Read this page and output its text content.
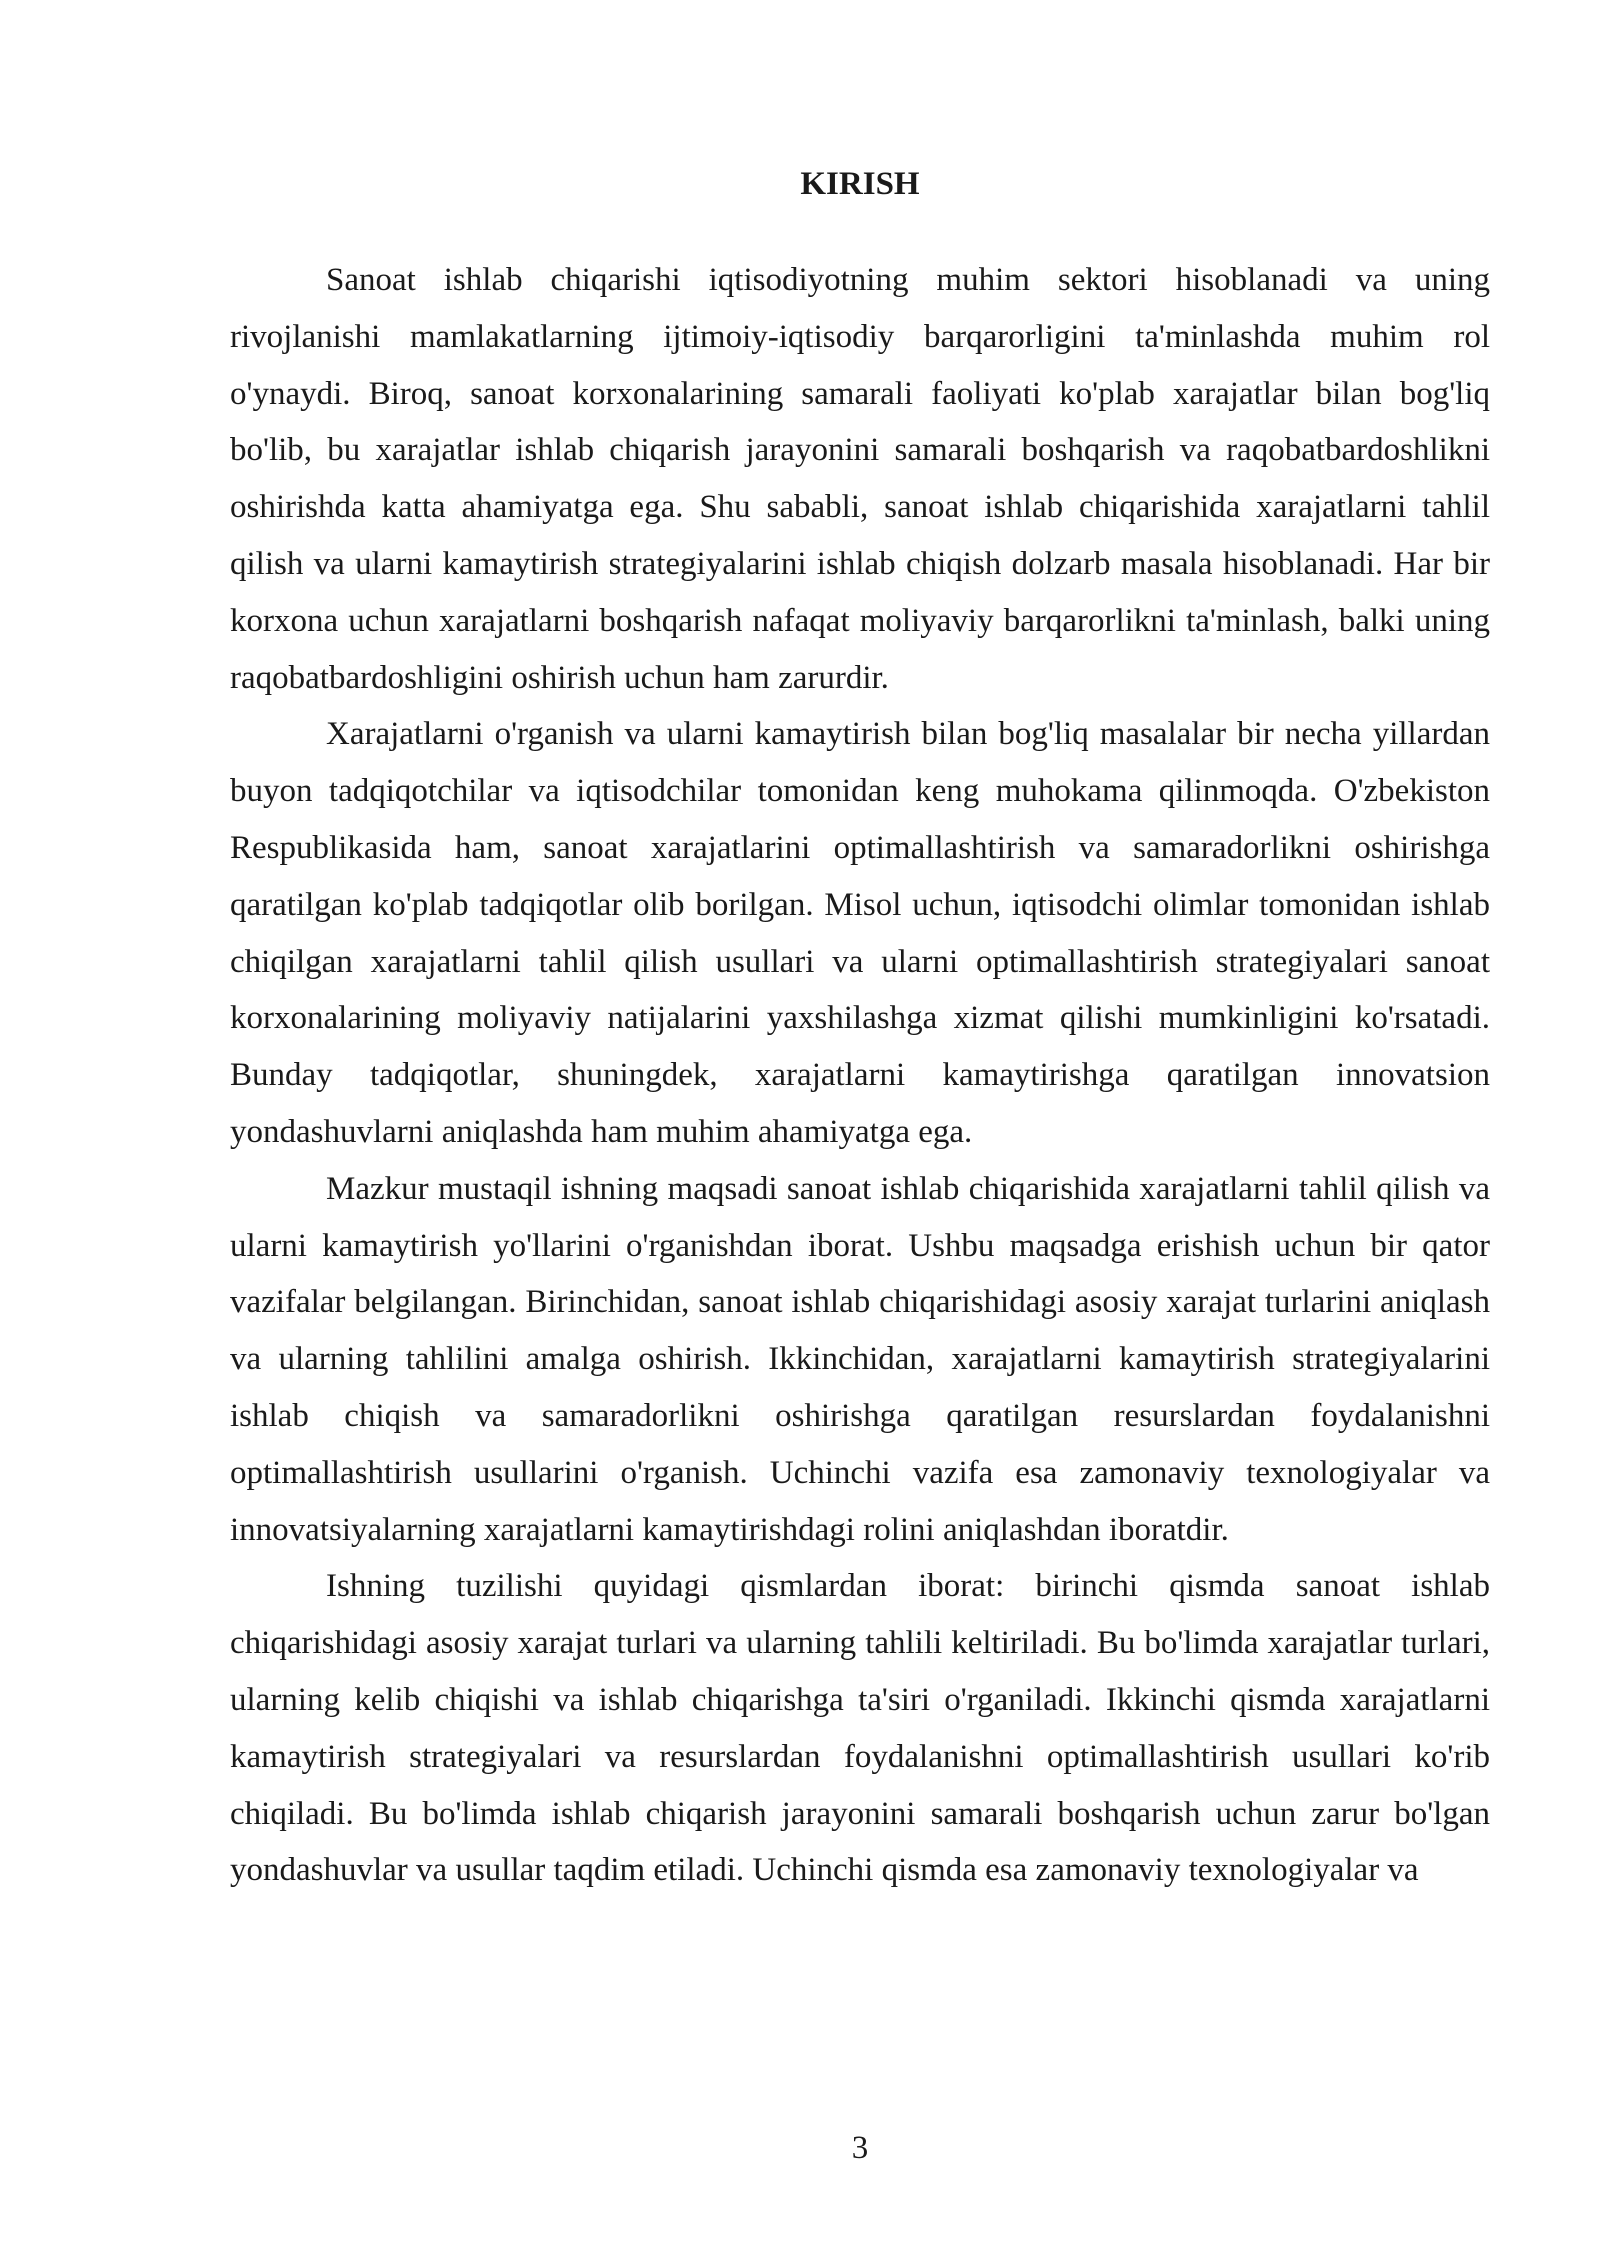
KIRISH

Sanoat ishlab chiqarishi iqtisodiyotning muhim sektori hisoblanadi va uning rivojlanishi mamlakatlarning ijtimoiy-iqtisodiy barqarorligini ta'minlashda muhim rol o'ynaydi. Biroq, sanoat korxonalarining samarali faoliyati ko'plab xarajatlar bilan bog'liq bo'lib, bu xarajatlar ishlab chiqarish jarayonini samarali boshqarish va raqobatbardoshlikni oshirishda katta ahamiyatga ega. Shu sababli, sanoat ishlab chiqarishida xarajatlarni tahlil qilish va ularni kamaytirish strategiyalarini ishlab chiqish dolzarb masala hisoblanadi. Har bir korxona uchun xarajatlarni boshqarish nafaqat moliyaviy barqarorlikni ta'minlash, balki uning raqobatbardoshligini oshirish uchun ham zarurdir.

Xarajatlarni o'rganish va ularni kamaytirish bilan bog'liq masalalar bir necha yillardan buyon tadqiqotchilar va iqtisodchilar tomonidan keng muhokama qilinmoqda. O'zbekiston Respublikasida ham, sanoat xarajatlarini optimallashtirish va samaradorlikni oshirishga qaratilgan ko'plab tadqiqotlar olib borilgan. Misol uchun, iqtisodchi olimlar tomonidan ishlab chiqilgan xarajatlarni tahlil qilish usullari va ularni optimallashtirish strategiyalari sanoat korxonalarining moliyaviy natijalarini yaxshilashga xizmat qilishi mumkinligini ko'rsatadi. Bunday tadqiqotlar, shuningdek, xarajatlarni kamaytirishga qaratilgan innovatsion yondashuvlarni aniqlashda ham muhim ahamiyatga ega.

Mazkur mustaqil ishning maqsadi sanoat ishlab chiqarishida xarajatlarni tahlil qilish va ularni kamaytirish yo'llarini o'rganishdan iborat. Ushbu maqsadga erishish uchun bir qator vazifalar belgilangan. Birinchidan, sanoat ishlab chiqarishidagi asosiy xarajat turlarini aniqlash va ularning tahlilini amalga oshirish. Ikkinchidan, xarajatlarni kamaytirish strategiyalarini ishlab chiqish va samaradorlikni oshirishga qaratilgan resurslardan foydalanishni optimallashtirish usullarini o'rganish. Uchinchi vazifa esa zamonaviy texnologiyalar va innovatsiyalarning xarajatlarni kamaytirishdagi rolini aniqlashdan iboratdir.

Ishning tuzilishi quyidagi qismlardan iborat: birinchi qismda sanoat ishlab chiqarishidagi asosiy xarajat turlari va ularning tahlili keltiriladi. Bu bo'limda xarajatlar turlari, ularning kelib chiqishi va ishlab chiqarishga ta'siri o'rganiladi. Ikkinchi qismda xarajatlarni kamaytirish strategiyalari va resurslardan foydalanishni optimallashtirish usullari ko'rib chiqiladi. Bu bo'limda ishlab chiqarish jarayonini samarali boshqarish uchun zarur bo'lgan yondashuvlar va usullar taqdim etiladi. Uchinchi qismda esa zamonaviy texnologiyalar va

3
